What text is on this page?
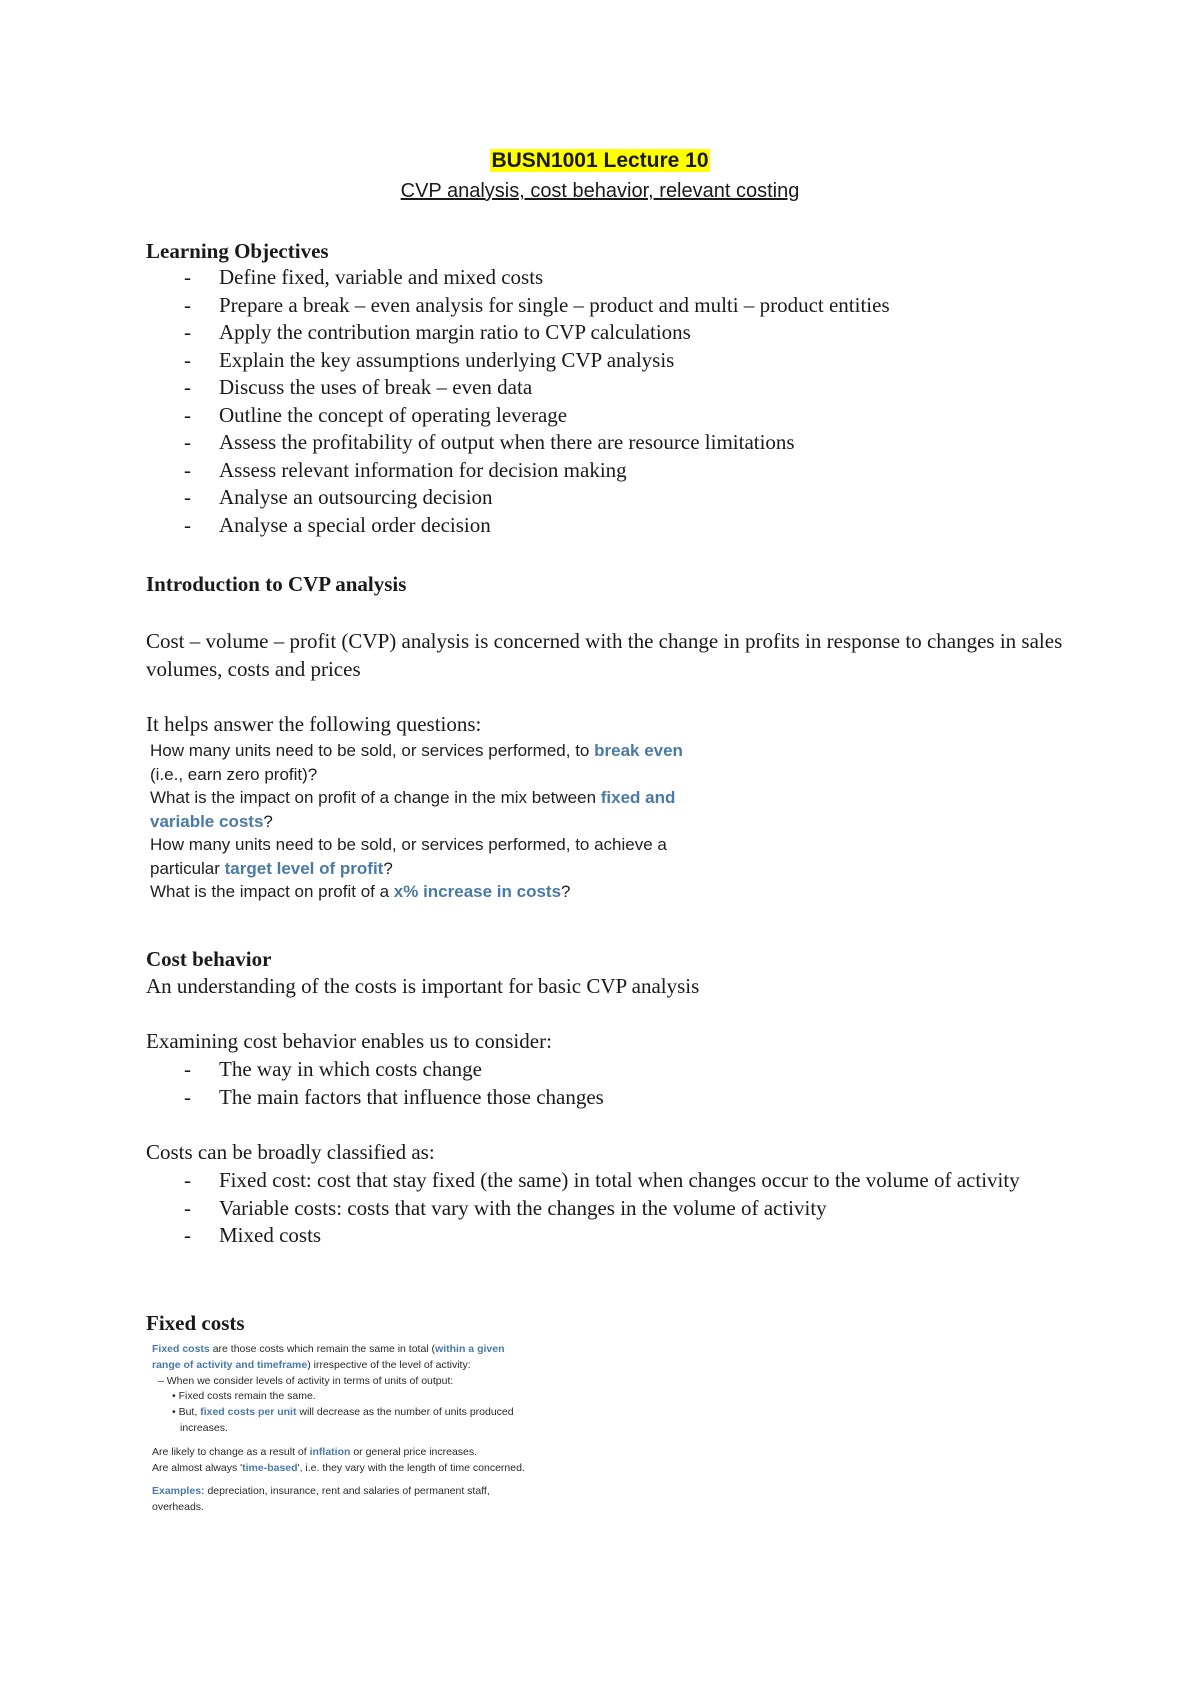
BUSN1001 Lecture 10
CVP analysis, cost behavior, relevant costing
Learning Objectives
- Define fixed, variable and mixed costs
- Prepare a break – even analysis for single – product and multi – product entities
- Apply the contribution margin ratio to CVP calculations
- Explain the key assumptions underlying CVP analysis
- Discuss the uses of break – even data
- Outline the concept of operating leverage
- Assess the profitability of output when there are resource limitations
- Assess relevant information for decision making
- Analyse an outsourcing decision
- Analyse a special order decision
Introduction to CVP analysis
Cost – volume – profit (CVP) analysis is concerned with the change in profits in response to changes in sales volumes, costs and prices
It helps answer the following questions:
How many units need to be sold, or services performed, to break even (i.e., earn zero profit)?
What is the impact on profit of a change in the mix between fixed and variable costs?
How many units need to be sold, or services performed, to achieve a particular target level of profit?
What is the impact on profit of a x% increase in costs?
Cost behavior
An understanding of the costs is important for basic CVP analysis
Examining cost behavior enables us to consider:
- The way in which costs change
- The main factors that influence those changes
Costs can be broadly classified as:
- Fixed cost: cost that stay fixed (the same) in total when changes occur to the volume of activity
- Variable costs: costs that vary with the changes in the volume of activity
- Mixed costs
Fixed costs

Fixed costs are those costs which remain the same in total (within a given range of activity and timeframe) irrespective of the level of activity:

– When we consider levels of activity in terms of units of output:

• Fixed costs remain the same.

• But, fixed costs per unit will decrease as the number of units produced increases.

Are likely to change as a result of inflation or general price increases.

Are almost always 'time-based', i.e. they vary with the length of time concerned.

Examples: depreciation, insurance, rent and salaries of permanent staff, overheads.
